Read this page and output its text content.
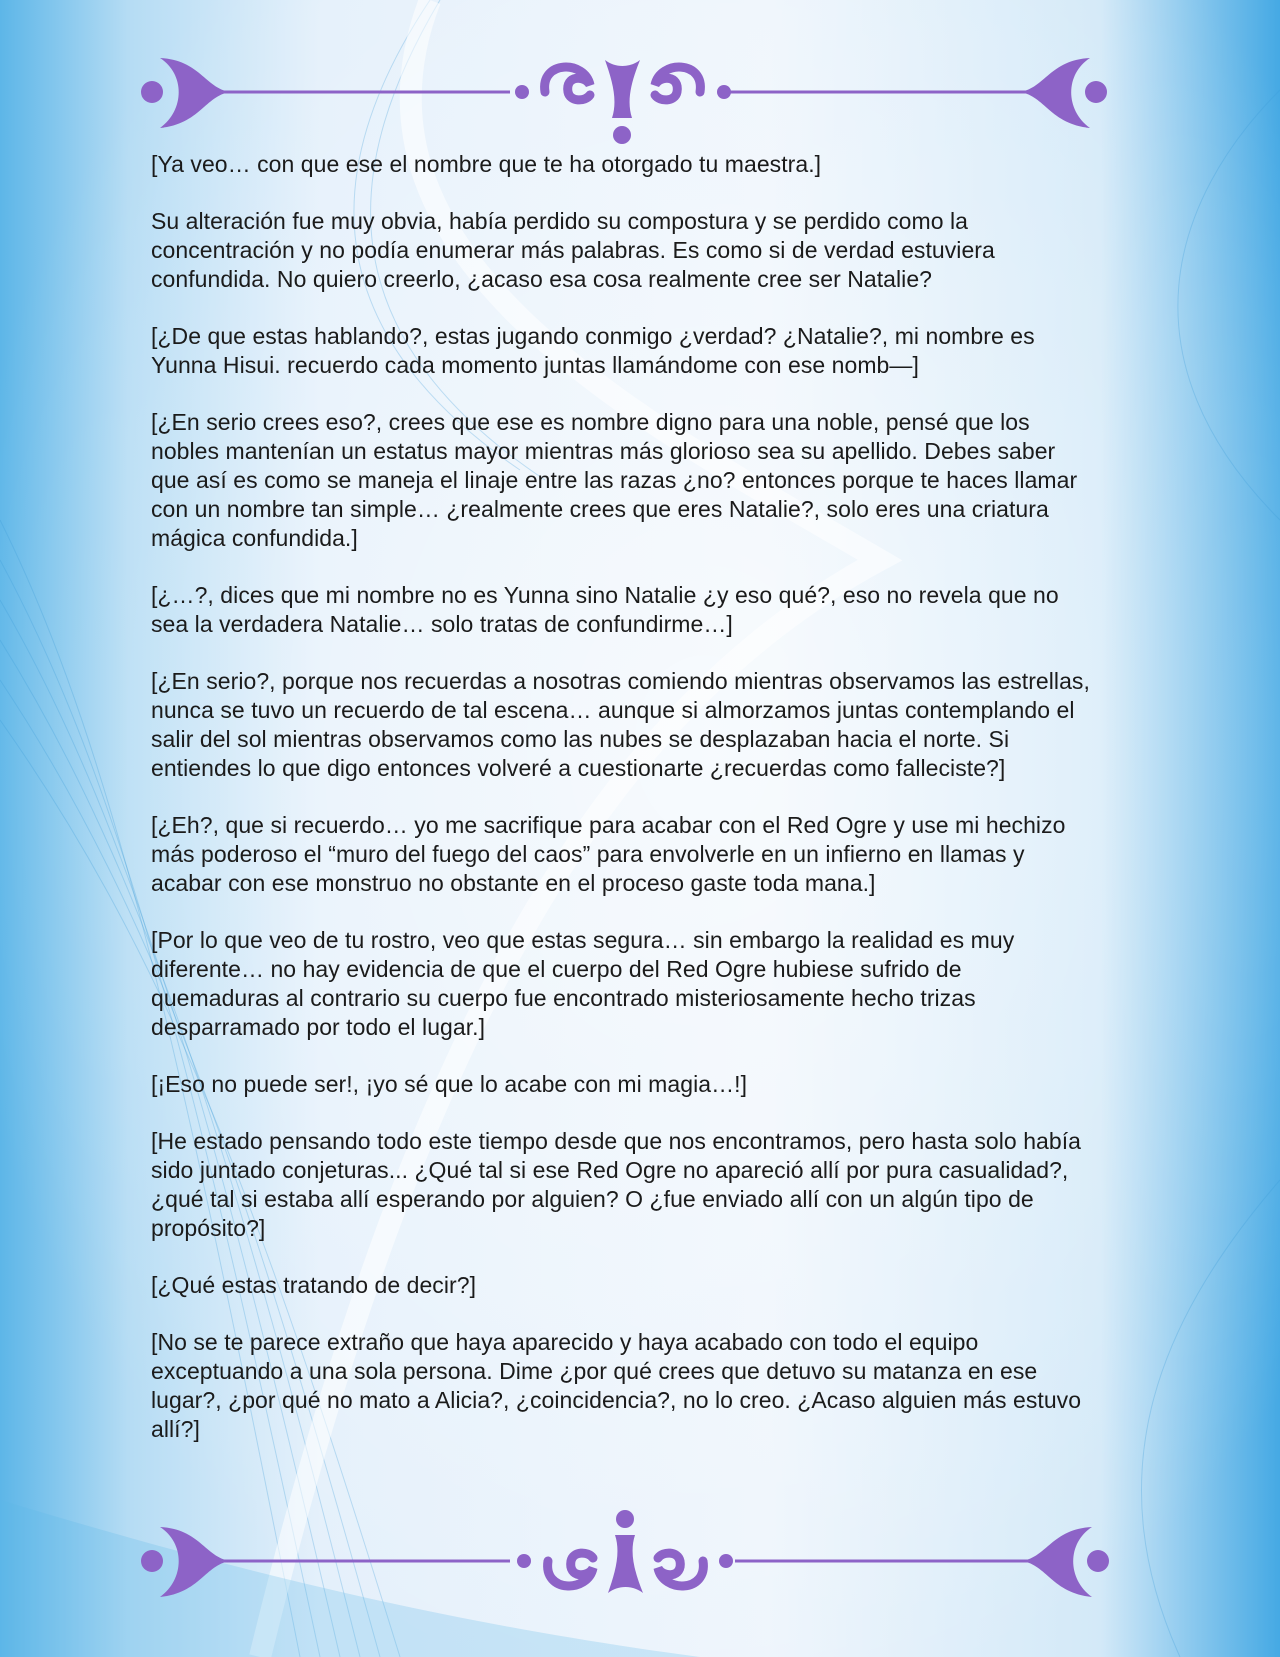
[Ya veo… con que ese el nombre que te ha otorgado tu maestra.]

Su alteración fue muy obvia, había perdido su compostura y se perdido como la concentración y no podía enumerar más palabras. Es como si de verdad estuviera confundida. No quiero creerlo, ¿acaso esa cosa realmente cree ser Natalie?

[¿De que estas hablando?, estas jugando conmigo ¿verdad? ¿Natalie?, mi nombre es Yunna Hisui. recuerdo cada momento juntas llamándome con ese nomb—]

[¿En serio crees eso?, crees que ese es nombre digno para una noble, pensé que los nobles mantenían un estatus mayor mientras más glorioso sea su apellido. Debes saber que así es como se maneja el linaje entre las razas ¿no? entonces porque te haces llamar con un nombre tan simple… ¿realmente crees que eres Natalie?, solo eres una criatura mágica confundida.]

[¿…?, dices que mi nombre no es Yunna sino Natalie ¿y eso qué?, eso no revela que no sea la verdadera Natalie… solo tratas de confundirme…]

[¿En serio?, porque nos recuerdas a nosotras comiendo mientras observamos las estrellas, nunca se tuvo un recuerdo de tal escena… aunque si almorzamos juntas contemplando el salir del sol mientras observamos como las nubes se desplazaban hacia el norte. Si entiendes lo que digo entonces volveré a cuestionarte ¿recuerdas como falleciste?]

[¿Eh?, que si recuerdo… yo me sacrifique para acabar con el Red Ogre y use mi hechizo más poderoso el “muro del fuego del caos” para envolverle en un infierno en llamas y acabar con ese monstruo no obstante en el proceso gaste toda mana.]

[Por lo que veo de tu rostro, veo que estas segura… sin embargo la realidad es muy diferente… no hay evidencia de que el cuerpo del Red Ogre hubiese sufrido de quemaduras al contrario su cuerpo fue encontrado misteriosamente hecho trizas desparramado por todo el lugar.]

[¡Eso no puede ser!, ¡yo sé que lo acabe con mi magia…!]

[He estado pensando todo este tiempo desde que nos encontramos, pero hasta solo había sido juntado conjeturas... ¿Qué tal si ese Red Ogre no apareció allí por pura casualidad?, ¿qué tal si estaba allí esperando por alguien? O ¿fue enviado allí con un algún tipo de propósito?]

[¿Qué estas tratando de decir?]

[No se te parece extraño que haya aparecido y haya acabado con todo el equipo exceptuando a una sola persona. Dime ¿por qué crees que detuvo su matanza en ese lugar?, ¿por qué no mato a Alicia?, ¿coincidencia?, no lo creo. ¿Acaso alguien más estuvo allí?]
